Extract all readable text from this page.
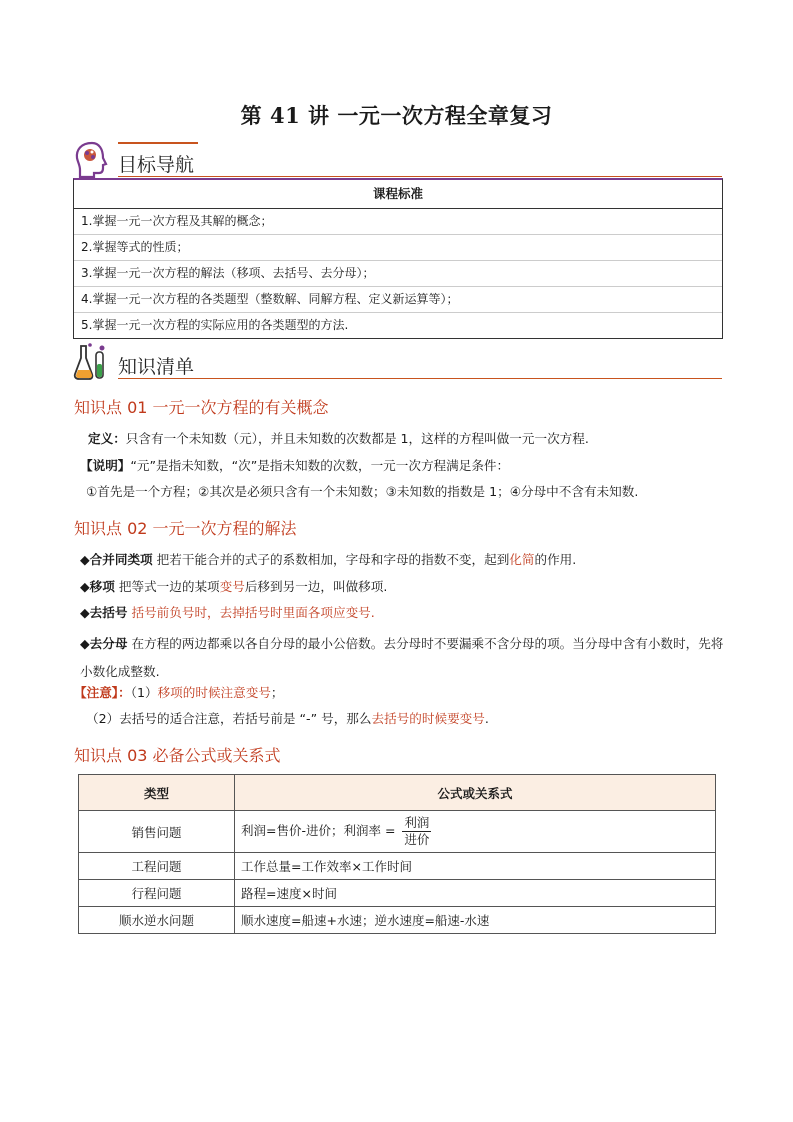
第 41 讲 一元一次方程全章复习
目标导航
课程标准
1.掌握一元一次方程及其解的概念；
2.掌握等式的性质；
3.掌握一元一次方程的解法（移项、去括号、去分母）；
4.掌握一元一次方程的各类题型（整数解、同解方程、定义新运算等）；
5.掌握一元一次方程的实际应用的各类题型的方法.
知识清单
知识点 01 一元一次方程的有关概念
定义：只含有一个未知数（元），并且未知数的次数都是 1，这样的方程叫做一元一次方程.
【说明】“元”是指未知数，“次”是指未知数的次数，一元一次方程满足条件：
①首先是一个方程；②其次是必须只含有一个未知数；③未知数的指数是 1；④分母中不含有未知数.
知识点 02 一元一次方程的解法
◆合并同类项 把若干能合并的式子的系数相加，字母和字母的指数不变，起到化简的作用.
◆移项 把等式一边的某项变号后移到另一边，叫做移项.
◆去括号 括号前负号时，去掉括号时里面各项应变号.
◆去分母 在方程的两边都乘以各自分母的最小公倍数。去分母时不要漏乘不含分母的项。当分母中含有小数时，先将小数化成整数.
【注意】：（1）移项的时候注意变号；
（2）去括号的适合注意，若括号前是 “-” 号，那么去括号的时候要变号.
知识点 03 必备公式或关系式
类型	公式或关系式
销售问题	利润=售价-进价；利润率 = $\frac{\text{利润}}{\text{进价}}$

工程问题	工作总量=工作效率×工作时间
行程问题	路程=速度×时间
顺水逆水问题	顺水速度=船速+水速；逆水速度=船速-水速
